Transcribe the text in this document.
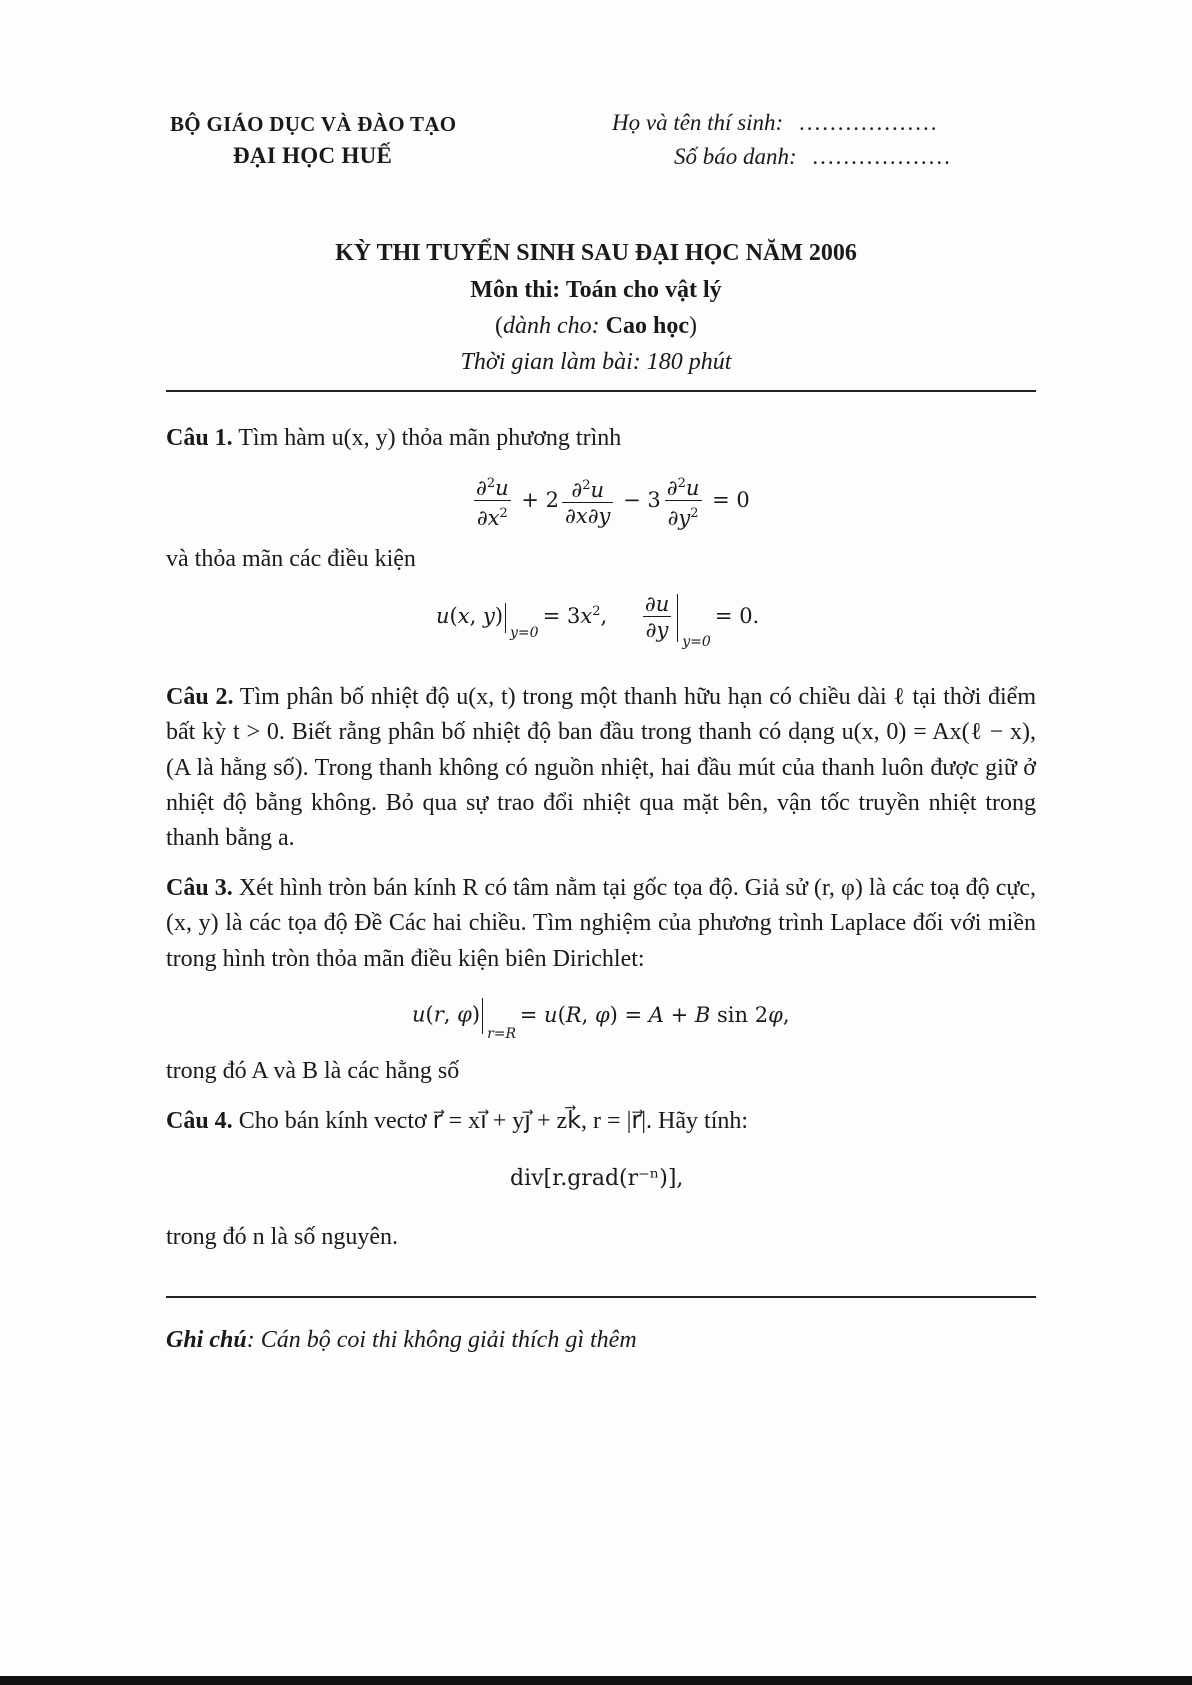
BỘ GIÁO DỤC VÀ ĐÀO TẠO
ĐẠI HỌC HUẾ
Họ và tên thí sinh: ..................
Số báo danh: ..................
KỲ THI TUYỂN SINH SAU ĐẠI HỌC NĂM 2006
Môn thi: Toán cho vật lý
(dành cho: Cao học)
Thời gian làm bài: 180 phút
Câu 1. Tìm hàm u(x, y) thỏa mãn phương trình
$\frac{\partial^2u}{\partial x^2} + 2 \frac{\partial^2u}{\partial x\partial y} - 3 \frac{\partial^2u}{\partial y^2} = 0$
và thỏa mãn các điều kiện
u(x, y)
y=0
= $3x^2$, $\frac{\partial u}{\partial y} y=0$
= 0.
Câu 2. Tìm phân bố nhiệt độ u(x, t) trong một thanh hữu hạn có chiều dài ℓ tại thời điểm bất kỳ t > 0. Biết rằng phân bố nhiệt độ ban đầu trong thanh có dạng u(x, 0) = Ax(ℓ − x), (A là hằng số). Trong thanh không có nguồn nhiệt, hai đầu mút của thanh luôn được giữ ở nhiệt độ bằng không. Bỏ qua sự trao đổi nhiệt qua mặt bên, vận tốc truyền nhiệt trong thanh bằng a.
Câu 3. Xét hình tròn bán kính R có tâm nằm tại gốc tọa độ. Giả sử (r, φ) là các toạ độ cực, (x, y) là các tọa độ Đề Các hai chiều. Tìm nghiệm của phương trình Laplace đối với miền trong hình tròn thỏa mãn điều kiện biên Dirichlet:
u(r, φ)
r=R
= u(R, φ) = A + B sin 2φ,
trong đó A và B là các hằng số
Câu 4. Cho bán kính vectơ r⃗ = xi⃗ + yj⃗ + zk⃗, r = |r⃗|. Hãy tính:
div[r.grad(r⁻ⁿ)],
trong đó n là số nguyên.
Ghi chú: Cán bộ coi thi không giải thích gì thêm
